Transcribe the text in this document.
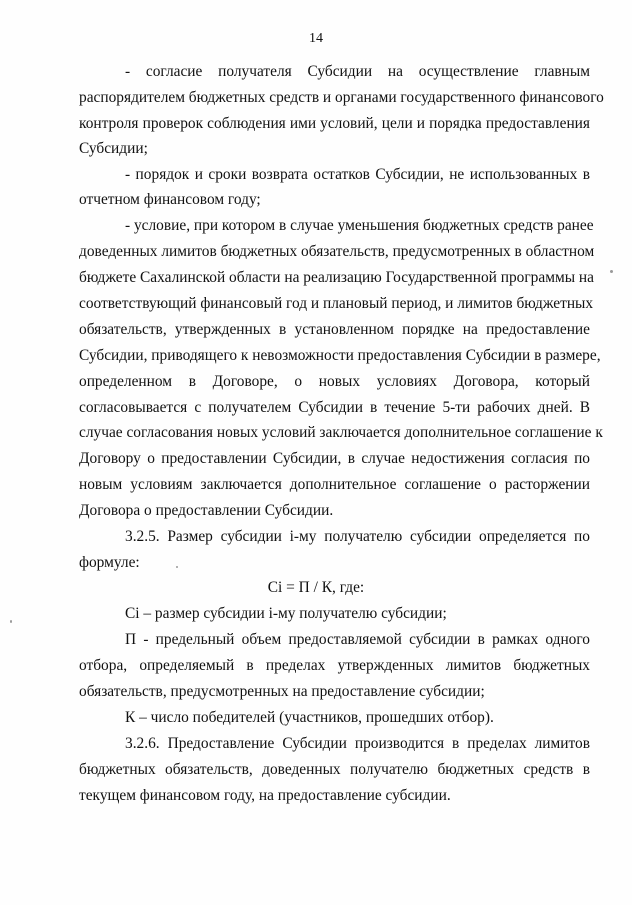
14
- согласие получателя Субсидии на осуществление главным
распорядителем бюджетных средств и органами государственного финансового
контроля проверок соблюдения ими условий, цели и порядка предоставления
Субсидии;
- порядок и сроки возврата остатков Субсидии, не использованных в
отчетном финансовом году;
- условие, при котором в случае уменьшения бюджетных средств ранее
доведенных лимитов бюджетных обязательств, предусмотренных в областном
бюджете Сахалинской области на реализацию Государственной программы на
соответствующий финансовый год и плановый период, и лимитов бюджетных
обязательств, утвержденных в установленном порядке на предоставление
Субсидии, приводящего к невозможности предоставления Субсидии в размере,
определенном в Договоре, о новых условиях Договора, который
согласовывается с получателем Субсидии в течение 5-ти рабочих дней. В
случае согласования новых условий заключается дополнительное соглашение к
Договору о предоставлении Субсидии, в случае недостижения согласия по
новым условиям заключается дополнительное соглашение о расторжении
Договора о предоставлении Субсидии.
3.2.5. Размер субсидии i-му получателю субсидии определяется по
формуле:
Сi = П / К, где:
Сi – размер субсидии i-му получателю субсидии;
П - предельный объем предоставляемой субсидии в рамках одного
отбора, определяемый в пределах утвержденных лимитов бюджетных
обязательств, предусмотренных на предоставление субсидии;
К – число победителей (участников, прошедших отбор).
3.2.6. Предоставление Субсидии производится в пределах лимитов
бюджетных обязательств, доведенных получателю бюджетных средств в
текущем финансовом году, на предоставление субсидии.
